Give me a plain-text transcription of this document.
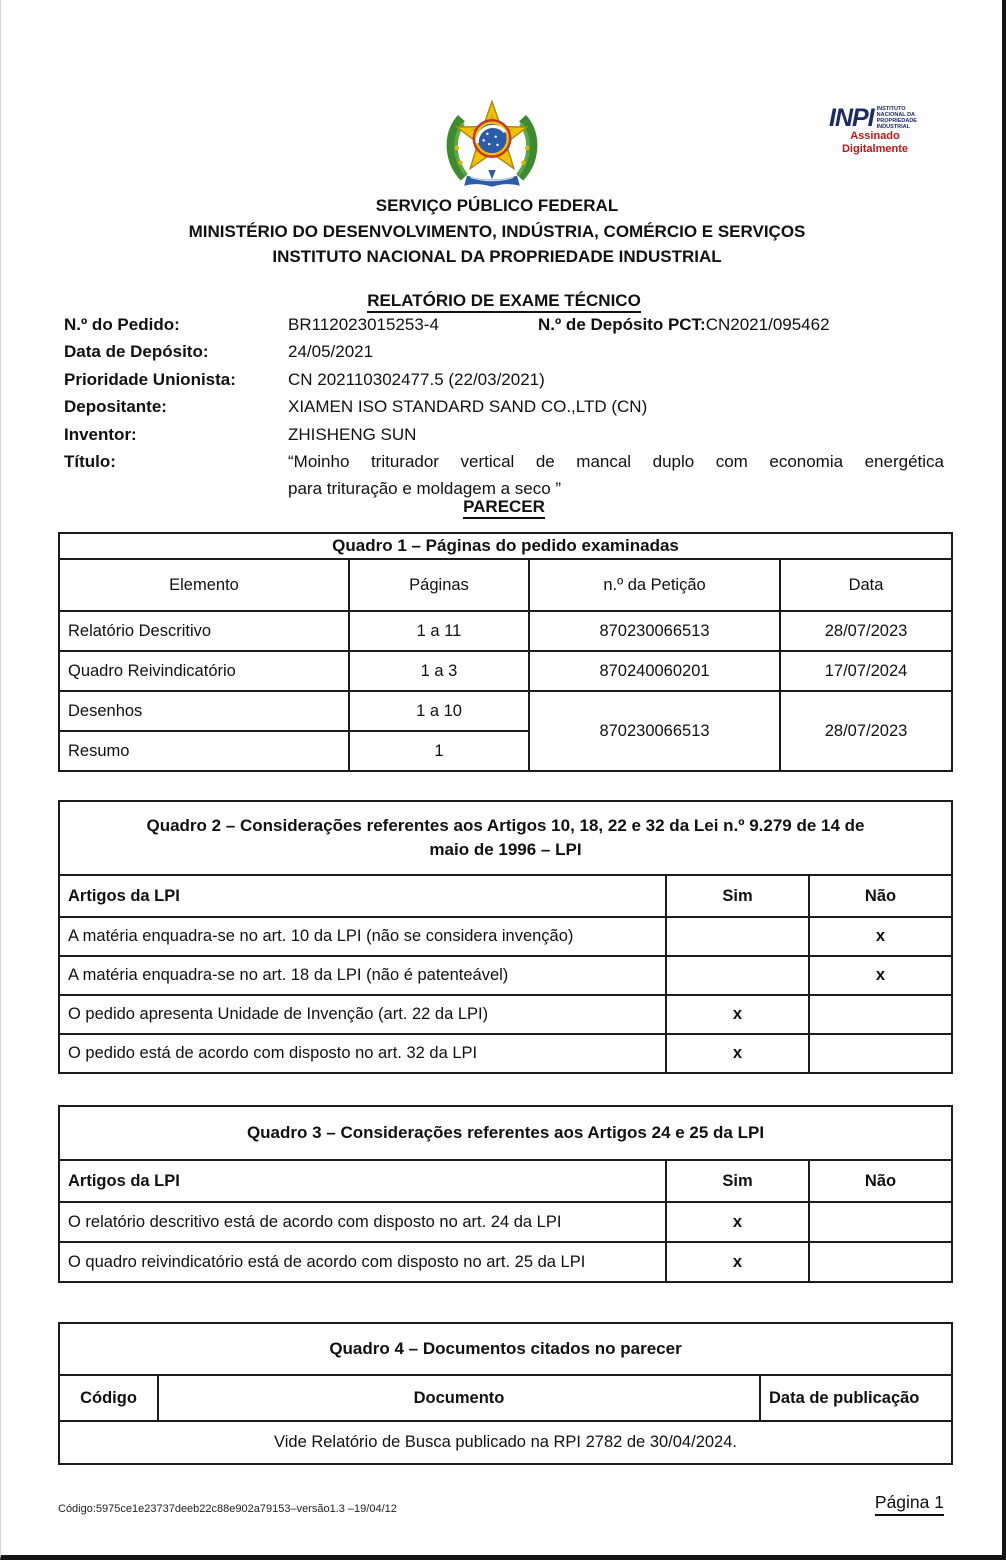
INPI INSTITUTO NACIONAL DA PROPRIEDADE INDUSTRIAL
Assinado
Digitalmente
SERVIÇO PÚBLICO FEDERAL
MINISTÉRIO DO DESENVOLVIMENTO, INDÚSTRIA, COMÉRCIO E SERVIÇOS
INSTITUTO NACIONAL DA PROPRIEDADE INDUSTRIAL
RELATÓRIO DE EXAME TÉCNICO
N.º do Pedido:	BR112023015253-4	N.º de Depósito PCT:CN2021/095462
Data de Depósito:	24/05/2021
Prioridade Unionista:	CN 202110302477.5 (22/03/2021)
Depositante:	XIAMEN ISO STANDARD SAND CO.,LTD (CN)
Inventor:	ZHISHENG SUN
Título:	“Moinho triturador vertical de mancal duplo com economia energética
para trituração e moldagem a seco ”
PARECER
Quadro 1 – Páginas do pedido examinadas			
Elemento	Páginas	n.º da Petição	Data
Relatório Descritivo	1 a 11	870230066513	28/07/2023
Quadro Reivindicatório	1 a 3	870240060201	17/07/2024
Desenhos	1 a 10	870230066513	28/07/2023
Resumo	1		
Quadro 2 – Considerações referentes aos Artigos 10, 18, 22 e 32 da Lei n.º 9.279 de 14 de
maio de 1996 – LPI		

Artigos da LPI	Sim	Não
A matéria enquadra-se no art. 10 da LPI (não se considera invenção)		x
A matéria enquadra-se no art. 18 da LPI (não é patenteável)		x
O pedido apresenta Unidade de Invenção (art. 22 da LPI)	x	
O pedido está de acordo com disposto no art. 32 da LPI	x	
Quadro 3 – Considerações referentes aos Artigos 24 e 25 da LPI		
Artigos da LPI	Sim	Não
O relatório descritivo está de acordo com disposto no art. 24 da LPI	x	
O quadro reivindicatório está de acordo com disposto no art. 25 da LPI	x	
Quadro 4 – Documentos citados no parecer
Código	Documento	Data de publicação
Vide Relatório de Busca publicado na RPI 2782 de 30/04/2024.
Código:5975ce1e23737deeb22c88e902a79153–versão1.3 –19/04/12	Página 1
